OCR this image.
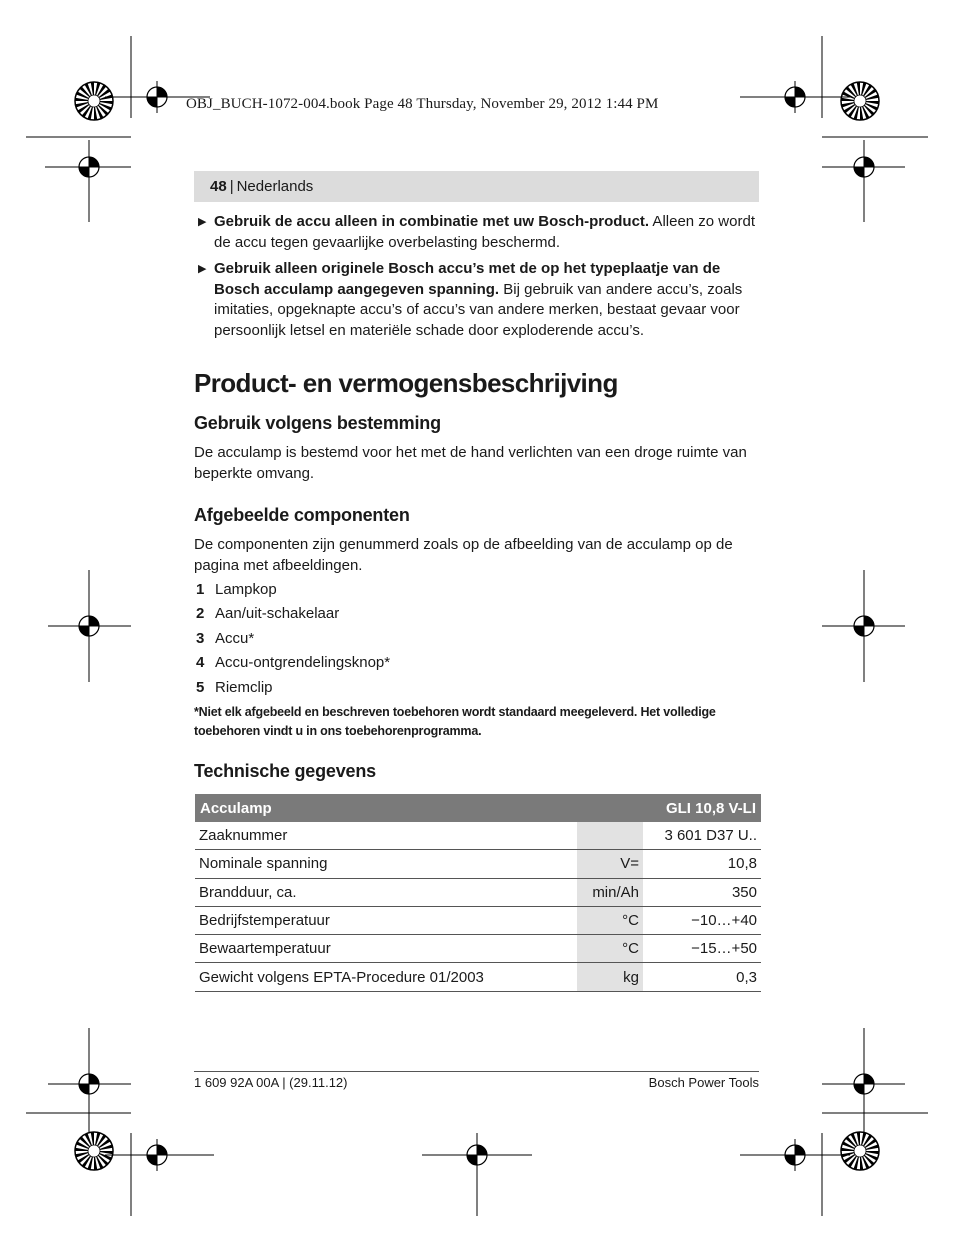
OBJ_BUCH-1072-004.book Page 48 Thursday, November 29, 2012 1:44 PM
48 | Nederlands
▶ Gebruik de accu alleen in combinatie met uw Bosch-product. Alleen zo wordt de accu tegen gevaarlijke overbelasting beschermd.
▶ Gebruik alleen originele Bosch accu’s met de op het typeplaatje van de Bosch acculamp aangegeven spanning. Bij gebruik van andere accu’s, zoals imitaties, opgeknapte accu’s of accu’s van andere merken, bestaat gevaar voor persoonlijk letsel en materiële schade door exploderende accu’s.
Product- en vermogensbeschrijving
Gebruik volgens bestemming
De acculamp is bestemd voor het met de hand verlichten van een droge ruimte van beperkte omvang.
Afgebeelde componenten
De componenten zijn genummerd zoals op de afbeelding van de acculamp op de pagina met afbeeldingen.
1 Lampkop
2 Aan/uit-schakelaar
3 Accu*
4 Accu-ontgrendelingsknop*
5 Riemclip
*Niet elk afgebeeld en beschreven toebehoren wordt standaard meegeleverd. Het volledige toebehoren vindt u in ons toebehorenprogramma.
Technische gegevens
Acculamp		GLI 10,8 V-LI
Zaaknummer		3 601 D37 U..
Nominale spanning	V=	10,8
Brandduur, ca.	min/Ah	350
Bedrijfstemperatuur	°C	−10…+40
Bewaartemperatuur	°C	−15…+50
Gewicht volgens EPTA-Procedure 01/2003	kg	0,3
1 609 92A 00A | (29.11.12)	Bosch Power Tools
